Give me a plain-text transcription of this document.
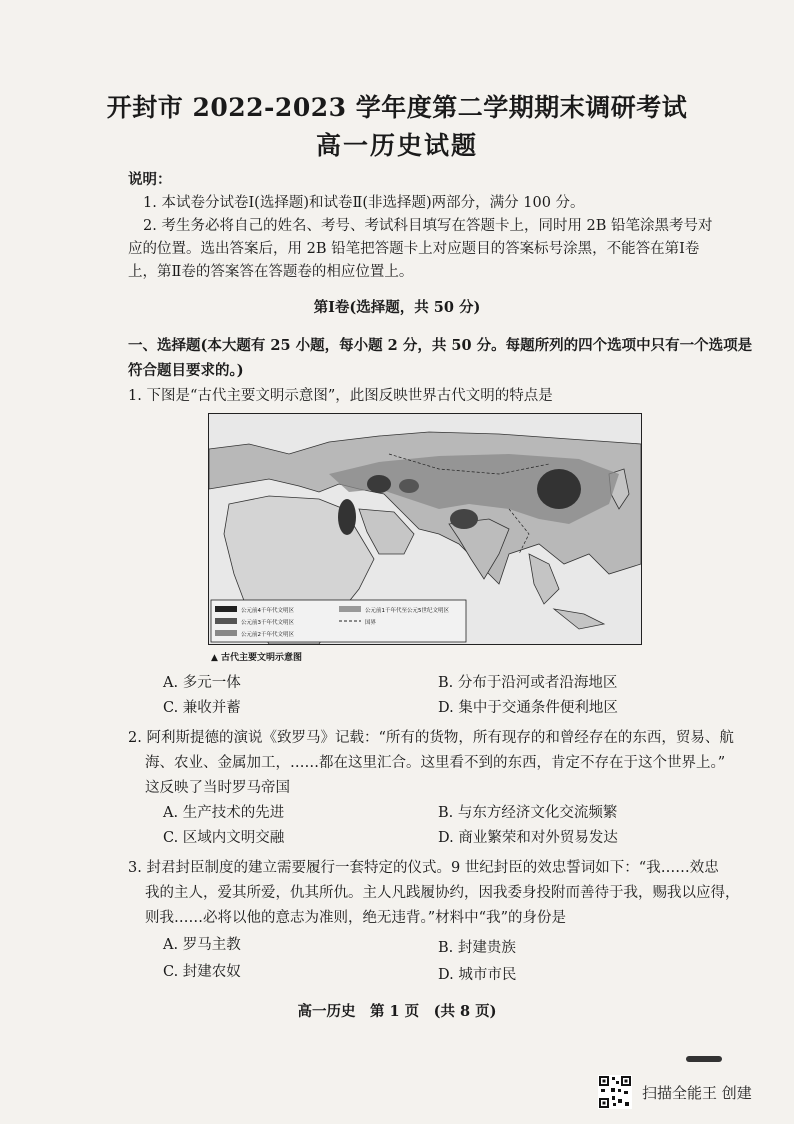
开封市 2022-2023 学年度第二学期期末调研考试
高一历史试题
说明：
1. 本试卷分试卷Ⅰ(选择题)和试卷Ⅱ(非选择题)两部分，满分 100 分。
2. 考生务必将自己的姓名、考号、考试科目填写在答题卡上，同时用 2B 铅笔涂黑考号对
应的位置。选出答案后，用 2B 铅笔把答题卡上对应题目的答案标号涂黑，不能答在第Ⅰ卷
上，第Ⅱ卷的答案答在答题卷的相应位置上。
第Ⅰ卷(选择题，共 50 分)
一、选择题(本大题有 25 小题，每小题 2 分，共 50 分。每题所列的四个选项中只有一个选项是
符合题目要求的。)
1. 下图是“古代主要文明示意图”，此图反映世界古代文明的特点是
公元前4千年代文明区
公元前3千年代文明区
公元前2千年代文明区
公元前1千年代至公元5世纪文明区
国界
▲ 古代主要文明示意图
A. 多元一体	B. 分布于沿河或者沿海地区
C. 兼收并蓄	D. 集中于交通条件便利地区
2. 阿利斯提德的演说《致罗马》记载：“所有的货物，所有现存的和曾经存在的东西，贸易、航
海、农业、金属加工，……都在这里汇合。这里看不到的东西，肯定不存在于这个世界上。”
这反映了当时罗马帝国
A. 生产技术的先进	B. 与东方经济文化交流频繁
C. 区域内文明交融	D. 商业繁荣和对外贸易发达
3. 封君封臣制度的建立需要履行一套特定的仪式。9 世纪封臣的效忠誓词如下：“我……效忠
我的主人，爱其所爱，仇其所仇。主人凡践履协约，因我委身投附而善待于我，赐我以应得，
则我……必将以他的意志为准则，绝无违背。”材料中“我”的身份是
A. 罗马主教	B. 封建贵族
C. 封建农奴	D. 城市市民
高一历史　第 1 页　(共 8 页)
扫描全能王 创建
